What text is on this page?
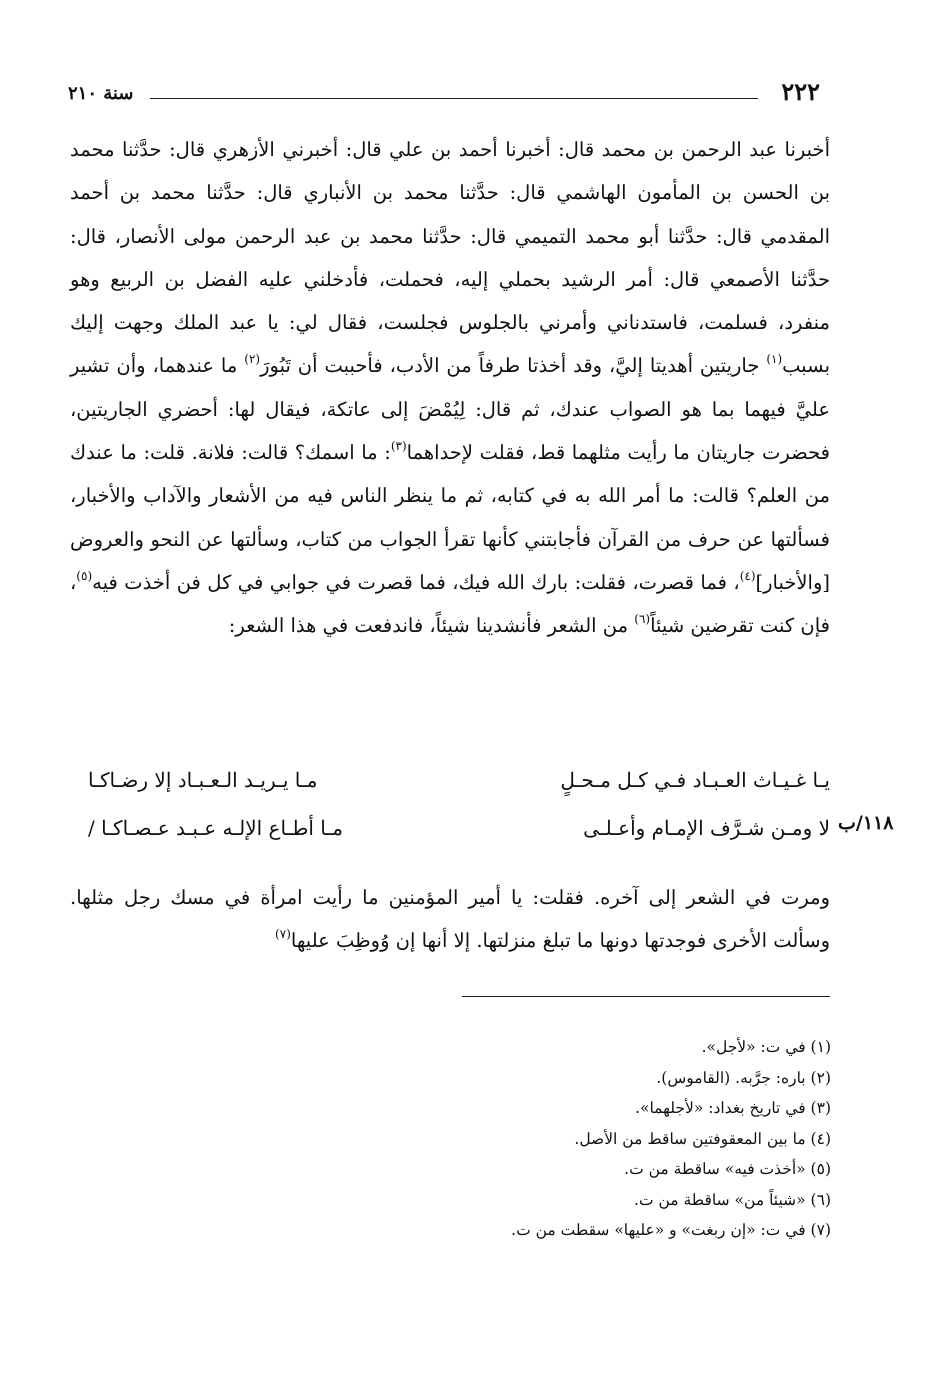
٢٢٢
سنة ٢١٠

أخبرنا عبد الرحمن بن محمد قال: أخبرنا أحمد بن علي قال: أخبرني الأزهري قال: حدَّثنا محمد بن الحسن بن المأمون الهاشمي قال: حدَّثنا محمد بن الأنباري قال: حدَّثنا محمد بن أحمد المقدمي قال: حدَّثنا أبو محمد التميمي قال: حدَّثنا محمد بن عبد الرحمن مولى الأنصار، قال: حدَّثنا الأصمعي قال: أمر الرشيد بحملي إليه، فحملت، فأدخلني عليه الفضل بن الربيع وهو منفرد، فسلمت، فاستدناني وأمرني بالجلوس فجلست، فقال لي: يا عبد الملك وجهت إليك بسبب$^{(١)}$ جاريتين أهديتا إليَّ، وقد أخذتا طرفاً من الأدب، فأحببت أن تَبُورَ$^{(٢)}$ ما عندهما، وأن تشير عليَّ فيهما بما هو الصواب عندك، ثم قال: لِيُمْضَ إلى عاتكة، فيقال لها: أحضري الجاريتين، فحضرت جاريتان ما رأيت مثلهما قط، فقلت لإحداهما$^{(٣)}$: ما اسمك؟ قالت: فلانة. قلت: ما عندك من العلم؟ قالت: ما أمر الله به في كتابه، ثم ما ينظر الناس فيه من الأشعار والآداب والأخبار، فسألتها عن حرف من القرآن فأجابتني كأنها تقرأ الجواب من كتاب، وسألتها عن النحو والعروض [والأخبار]$^{(٤)}$، فما قصرت، فقلت: بارك الله فيك، فما قصرت في جوابي في كل فن أخذت فيه$^{(٥)}$، فإن كنت تقرضين شيئاً$^{(٦)}$ من الشعر فأنشدينا شيئاً، فاندفعت في هذا الشعر:

يـا غـيـاث العـبـاد فـي كـل مـحـلٍ
مـا يـريـد الـعـبـاد إلا رضـاكـا
لا ومـن شـرَّف الإمـام وأعـلـى
مـا أطـاع الإلـه عـبـد عـصـاكـا /	١١٨/ب

ومرت في الشعر إلى آخره. فقلت: يا أمير المؤمنين ما رأيت امرأة في مسك رجل مثلها. وسألت الأخرى فوجدتها دونها ما تبلغ منزلتها. إلا أنها إن وُوظِبَ عليها$^{(٧)}$

(١) في ت: «لأجل».
(٢) باره: جرَّبه. (القاموس).
(٣) في تاريخ بغداد: «لأجلهما».
(٤) ما بين المعقوفتين ساقط من الأصل.
(٥) «أخذت فيه» ساقطة من ت.
(٦) «شيئاً من» ساقطة من ت.
(٧) في ت: «إن ربغت» و «عليها» سقطت من ت.
